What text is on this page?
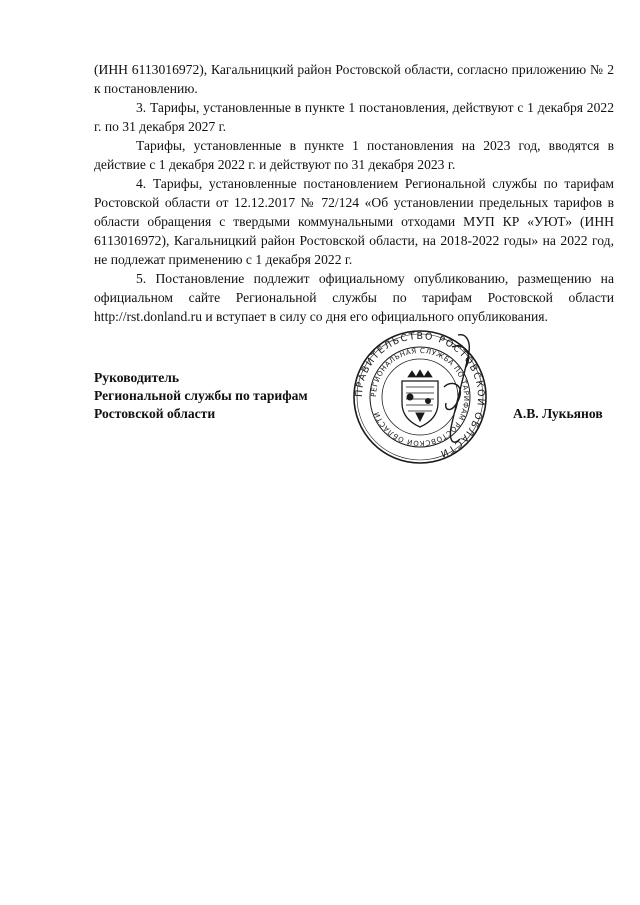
(ИНН 6113016972), Кагальницкий район Ростовской области, согласно приложению № 2 к постановлению.

3. Тарифы, установленные в пункте 1 постановления, действуют с 1 декабря 2022 г. по 31 декабря 2027 г.

Тарифы, установленные в пункте 1 постановления на 2023 год, вводятся в действие с 1 декабря 2022 г. и действуют по 31 декабря 2023 г.

4. Тарифы, установленные постановлением Региональной службы по тарифам Ростовской области от 12.12.2017 № 72/124 «Об установлении предельных тарифов в области обращения с твердыми коммунальными отходами МУП КР «УЮТ» (ИНН 6113016972), Кагальницкий район Ростовской области, на 2018-2022 годы» на 2022 год, не подлежат применению с 1 декабря 2022 г.

5. Постановление подлежит официальному опубликованию, размещению на официальном сайте Региональной службы по тарифам Ростовской области http://rst.donland.ru и вступает в силу со дня его официального опубликования.

Руководитель
Региональной службы по тарифам
Ростовской области	А.В. Лукьянов
ПРАВИТЕЛЬСТВО РОСТОВСКОЙ ОБЛАСТИ
РЕГИОНАЛЬНАЯ СЛУЖБА ПО ТАРИФАМ РОСТОВСКОЙ ОБЛАСТИ
